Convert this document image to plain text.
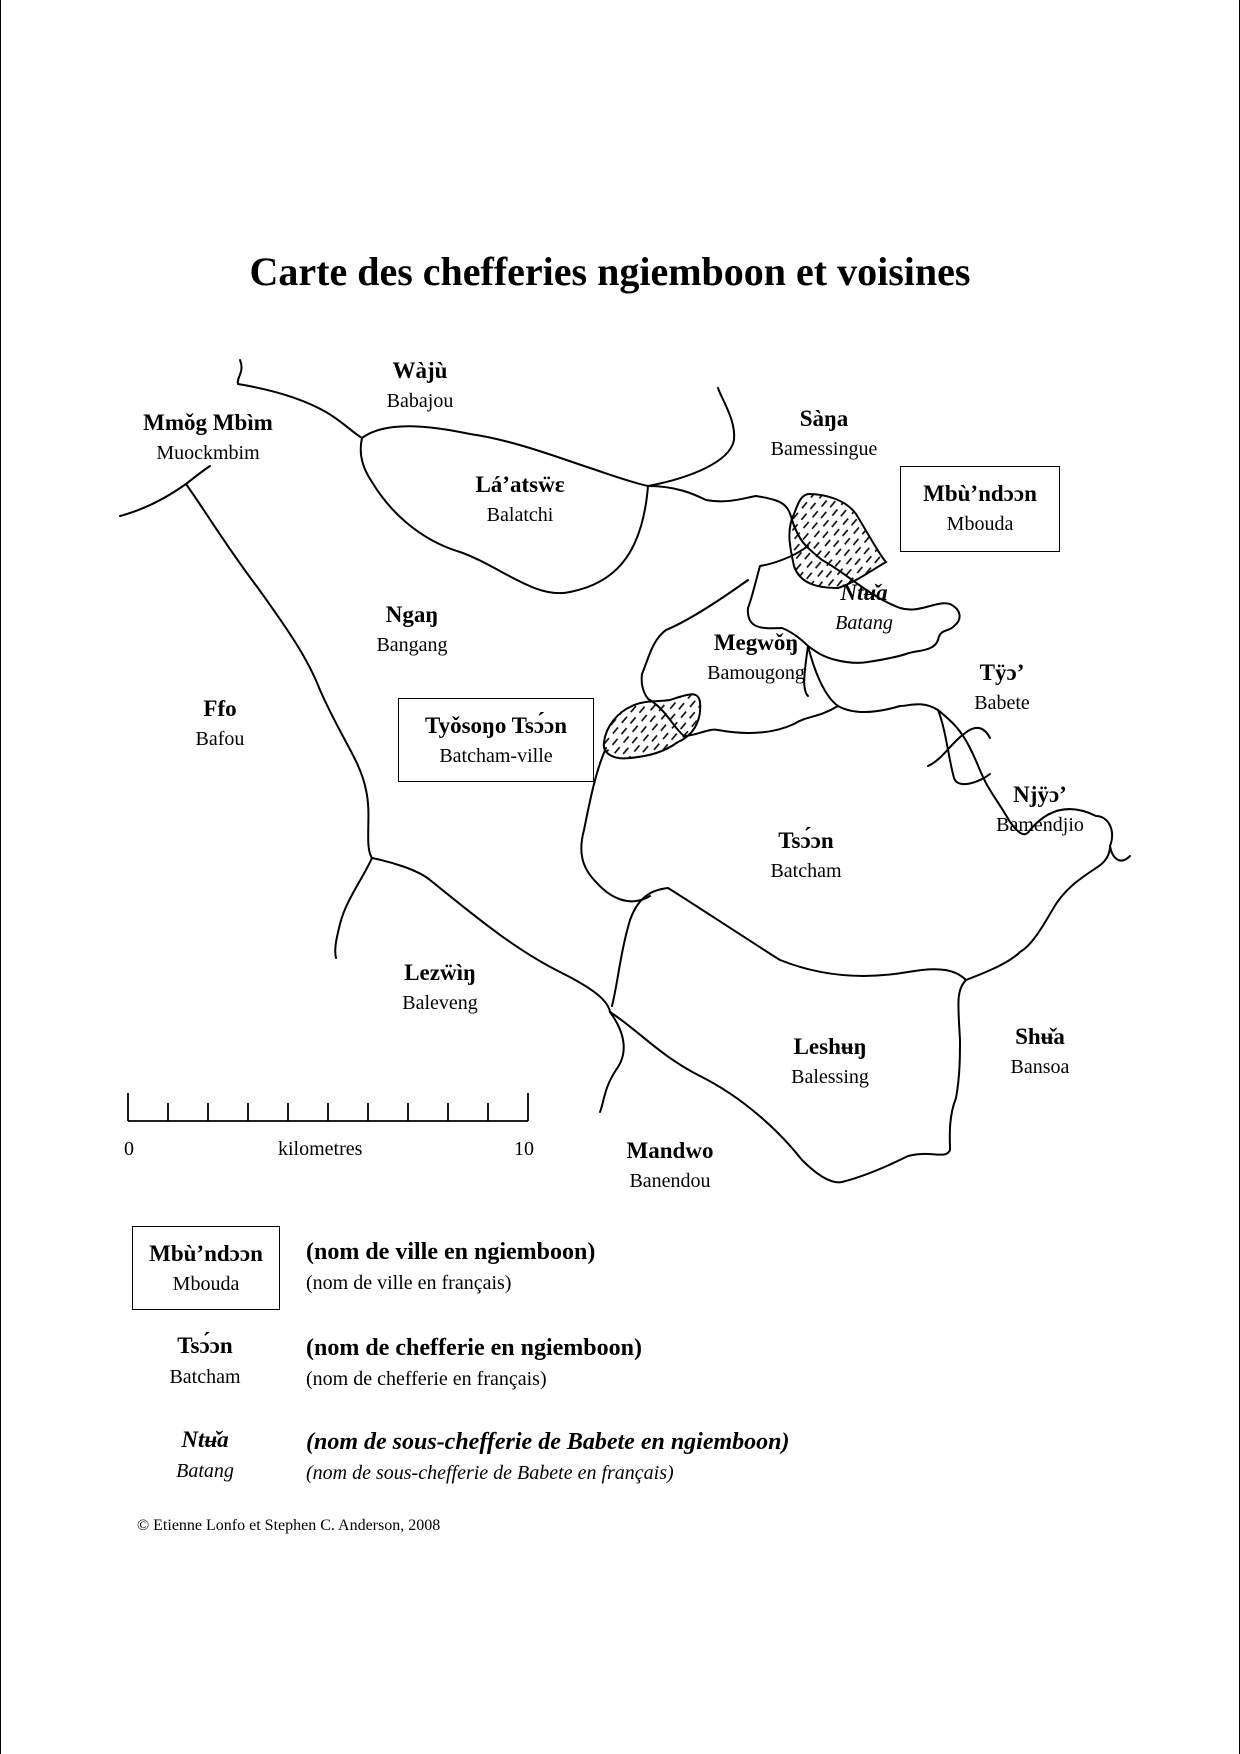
Carte des chefferies ngiemboon et voisines
Wàjù
Babajou
Mmǒg Mbìm
Muockmbim
Lá’atsẅɛ
Balatchi
Sàŋa
Bamessingue
Ngaŋ
Bangang	Megwǒŋ
Bamougong
Ffo
Bafou
Tÿɔ’
Babete
Njÿɔ’
Bamendjio
Tsɔ́ɔn
Batcham
Lezẅìŋ
Baleveng
Leshʉŋ
Balessing
Shʉ̌a
Bansoa
Mandwo
Banendou
Ntʉ̌a
Batang
Mbù’ndɔɔn
Mbouda
Tyǒsoŋo Tsɔ́ɔn
Batcham-ville
0	kilometres	10
Mbù’ndɔɔn
Mbouda
(nom de ville en ngiemboon)
(nom de ville en français)
Tsɔ́ɔn
Batcham
(nom de chefferie en ngiemboon)
(nom de chefferie en français)
Ntʉ̌a
Batang
(nom de sous-chefferie de Babete en ngiemboon)
(nom de sous-chefferie de Babete en français)
© Etienne Lonfo et Stephen C. Anderson, 2008
